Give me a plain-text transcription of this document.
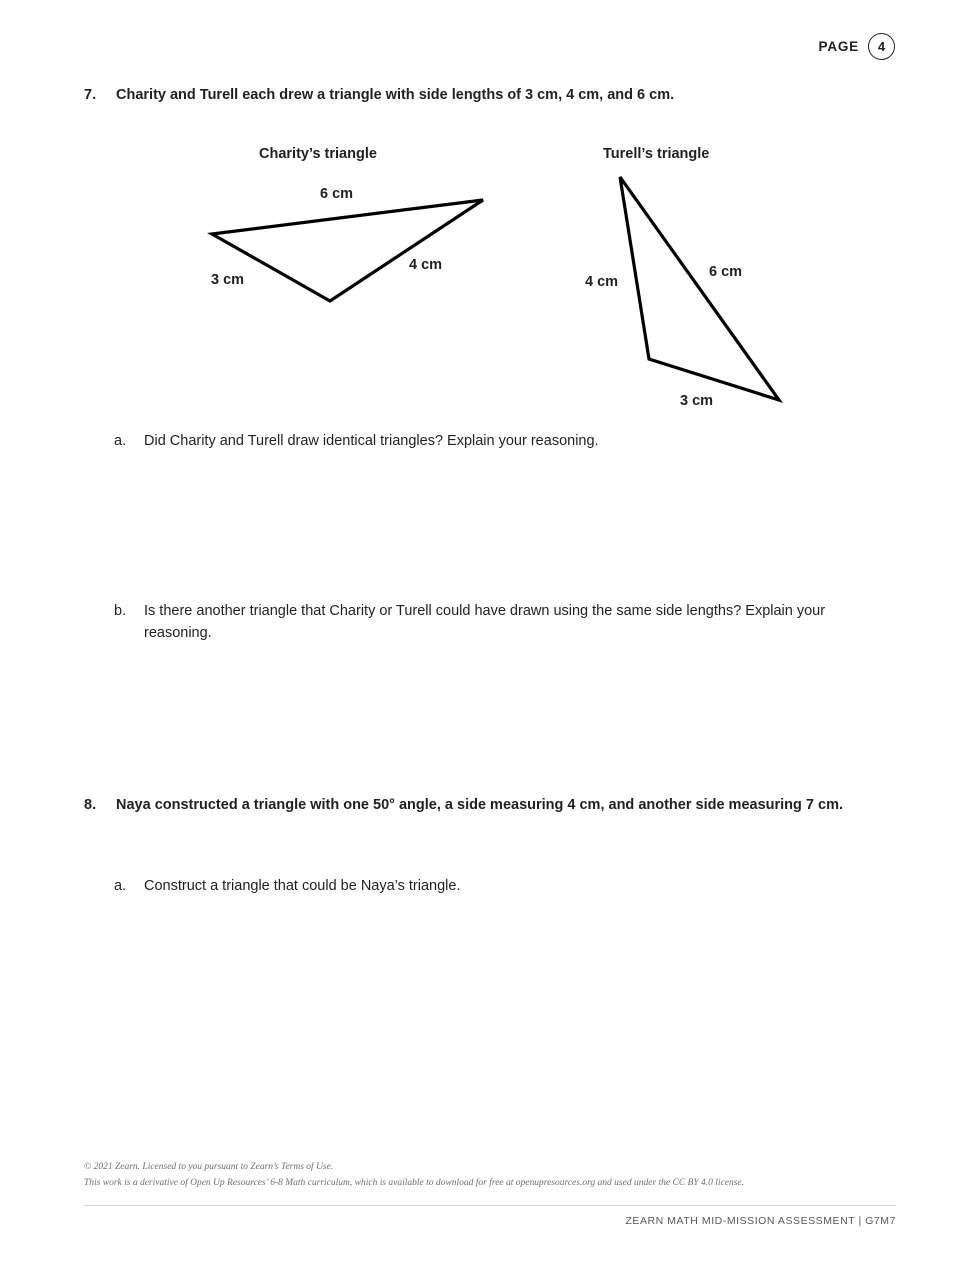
PAGE	4
7.	Charity and Turell each drew a triangle with side lengths of 3 cm, 4 cm, and 6 cm.
Charity’s triangle	Turell’s triangle
6 cm
3 cm
4 cm
4 cm
6 cm
3 cm
a.	Did Charity and Turell draw identical triangles? Explain your reasoning.
b.	Is there another triangle that Charity or Turell could have drawn using the same side lengths? Explain your reasoning.
8.	Naya constructed a triangle with one 50° angle, a side measuring 4 cm, and another side measuring 7 cm.
a.	Construct a triangle that could be Naya’s triangle.
© 2021 Zearn. Licensed to you pursuant to Zearn’s Terms of Use.
This work is a derivative of Open Up Resources’ 6-8 Math curriculum, which is available to download for free at openupresources.org and used under the CC BY 4.0 license.
ZEARN MATH MID-MISSION ASSESSMENT | G7M7
